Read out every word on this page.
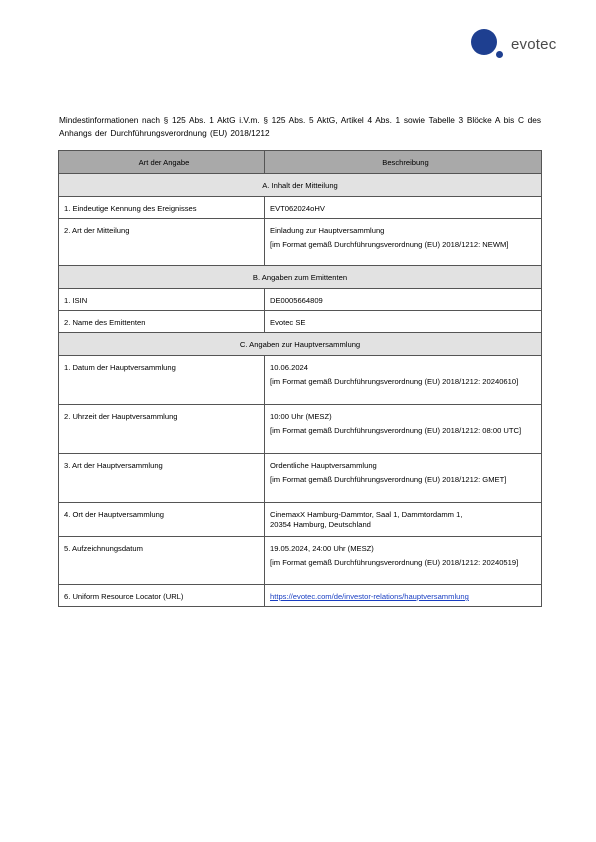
evotec
Mindestinformationen nach § 125 Abs. 1 AktG i.V.m. § 125 Abs. 5 AktG, Artikel 4 Abs. 1 sowie Tabelle 3 Blöcke A bis C des Anhangs der Durchführungsverordnung (EU) 2018/1212
Art der Angabe	Beschreibung
A. Inhalt der Mitteilung	
1. Eindeutige Kennung des Ereignisses	EVT062024oHV
2. Art der Mitteilung	Einladung zur Hauptversammlung
[im Format gemäß Durchführungsverordnung (EU) 2018/1212: NEWM]

B. Angaben zum Emittenten	
1. ISIN	DE0005664809
2. Name des Emittenten	Evotec SE
C. Angaben zur Hauptversammlung	
1. Datum der Hauptversammlung	10.06.2024
[im Format gemäß Durchführungsverordnung (EU) 2018/1212: 20240610]

2. Uhrzeit der Hauptversammlung	10:00 Uhr (MESZ)
[im Format gemäß Durchführungsverordnung (EU) 2018/1212: 08:00 UTC]

3. Art der Hauptversammlung	Ordentliche Hauptversammlung
[im Format gemäß Durchführungsverordnung (EU) 2018/1212: GMET]

4. Ort der Hauptversammlung	CinemaxX Hamburg-Dammtor, Saal 1, Dammtordamm 1,
20354 Hamburg, Deutschland

5. Aufzeichnungsdatum	19.05.2024, 24:00 Uhr (MESZ)
[im Format gemäß Durchführungsverordnung (EU) 2018/1212: 20240519]

6. Uniform Resource Locator (URL)	https://evotec.com/de/investor-relations/hauptversammlung
